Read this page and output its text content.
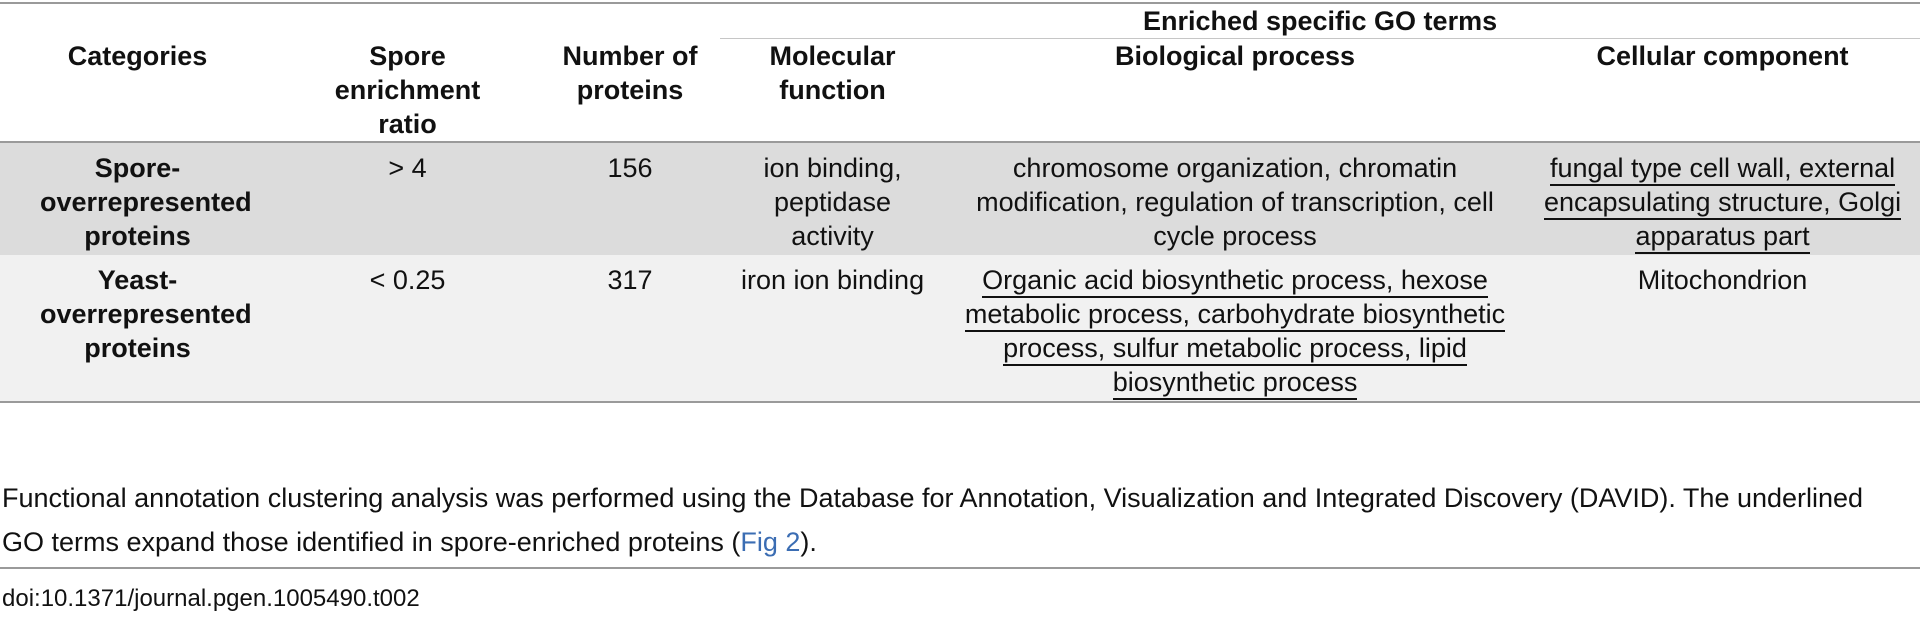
			Enriched specific GO terms		
Categories	Spore enrichment ratio	Number of proteins	Molecular function	Biological process	Cellular component
Spore-overrepresented proteins	> 4	156	ion binding, peptidase activity	chromosome organization, chromatin modification, regulation of transcription, cell cycle process	fungal type cell wall, external encapsulating structure, Golgi apparatus part
Yeast-overrepresented proteins	< 0.25	317	iron ion binding	Organic acid biosynthetic process, hexose metabolic process, carbohydrate biosynthetic process, sulfur metabolic process, lipid biosynthetic process	Mitochondrion
Functional annotation clustering analysis was performed using the Database for Annotation, Visualization and Integrated Discovery (DAVID). The underlined GO terms expand those identified in spore-enriched proteins (Fig 2).
doi:10.1371/journal.pgen.1005490.t002
